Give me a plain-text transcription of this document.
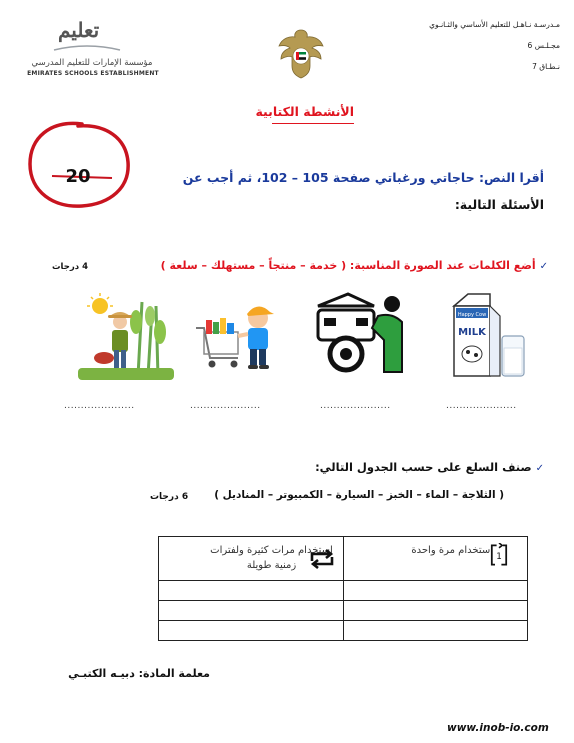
مـدرسـة نـاهـل للتعليم الأساسي والثـانـوي
مجـلـس 6
نـطـاق 7
تعليم
مؤسسة الإمارات للتعليم المدرسي
EMIRATES SCHOOLS ESTABLISHMENT
الأنشطة الكتابية
20	أقرا النص: حاجاتي ورغباتي صفحة 105 – 102، ثم أجب عن
الأسئلة التالية:
✓أضع الكلمات عند الصورة المناسبة: ( خدمة – منتجاً – مستهلك – سلعة )
4 درجات
Happy Cow
MILK
.....................	.....................	.....................	.....................
✓صنف السلع على حسب الجدول التالي:
( الثلاجة – الماء – الخبز – السيارة – الكمبيوتر – المناديل )
6 درجات
استخدام مرات كثيرة ولفترات زمنية طويلة	استخدام مرة واحدة
1

معلمة المادة: دبيـه الكتبـي
www.inob-io.com
